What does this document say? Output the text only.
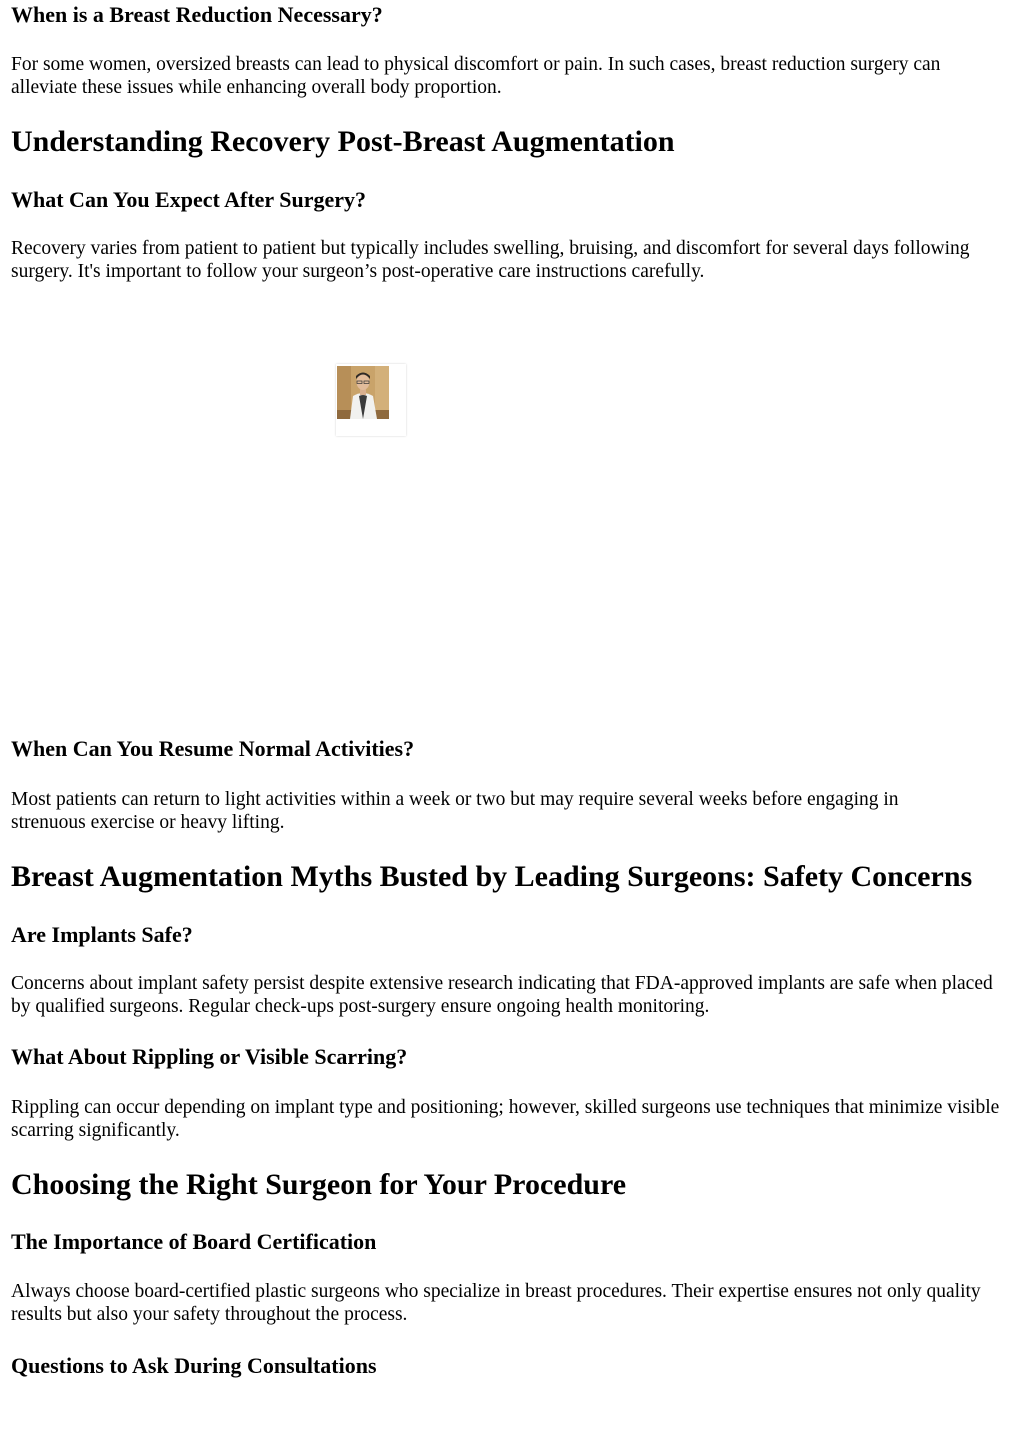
When is a Breast Reduction Necessary?

For some women, oversized breasts can lead to physical discomfort or pain. In such cases, breast reduction surgery can alleviate these issues while enhancing overall body proportion.

Understanding Recovery Post-Breast Augmentation
What Can You Expect After Surgery?

Recovery varies from patient to patient but typically includes swelling, bruising, and discomfort for several days following surgery. It's important to follow your surgeon’s post-operative care instructions carefully.

When Can You Resume Normal Activities?

Most patients can return to light activities within a week or two but may require several weeks before engaging in strenuous exercise or heavy lifting.

Breast Augmentation Myths Busted by Leading Surgeons: Safety Concerns
Are Implants Safe?

Concerns about implant safety persist despite extensive research indicating that FDA-approved implants are safe when placed by qualified surgeons. Regular check-ups post-surgery ensure ongoing health monitoring.

What About Rippling or Visible Scarring?

Rippling can occur depending on implant type and positioning; however, skilled surgeons use techniques that minimize visible scarring significantly.

Choosing the Right Surgeon for Your Procedure
The Importance of Board Certification

Always choose board-certified plastic surgeons who specialize in breast procedures. Their expertise ensures not only quality results but also your safety throughout the process.

Questions to Ask During Consultations
